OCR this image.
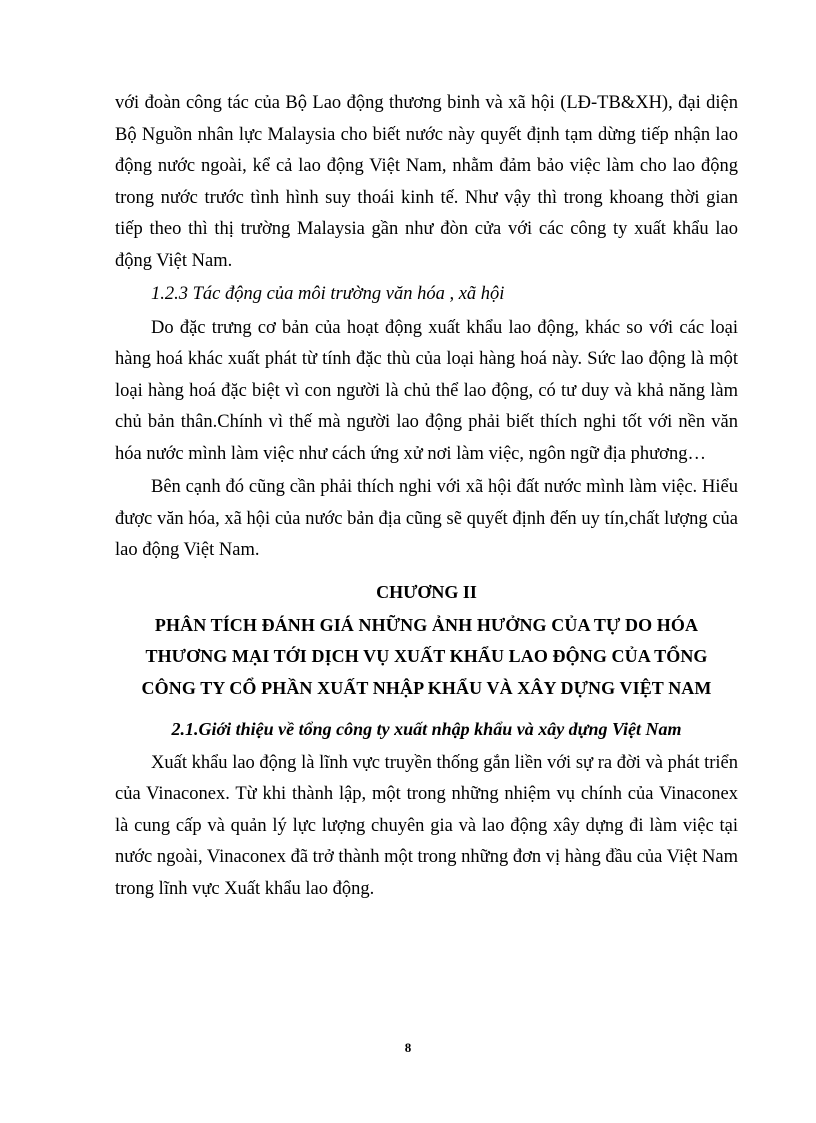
với đoàn công tác của Bộ Lao động thương binh và xã hội (LĐ-TB&XH), đại diện Bộ Nguồn nhân lực Malaysia cho biết nước này quyết định tạm dừng tiếp nhận lao động nước ngoài, kể cả lao động Việt Nam, nhằm đảm bảo việc làm cho lao động trong nước trước tình hình suy thoái kinh tế. Như vậy thì trong khoang thời gian tiếp theo thì thị trường Malaysia gần như đòn cửa với các công ty xuất khẩu lao động Việt Nam.

1.2.3 Tác động của môi trường văn hóa , xã hội

Do đặc trưng cơ bản của hoạt động xuất khẩu lao động, khác so với các loại hàng hoá khác xuất phát từ tính đặc thù của loại hàng hoá này. Sức lao động là một loại hàng hoá đặc biệt vì con người là chủ thể lao động, có tư duy và khả năng làm chủ bản thân.Chính vì thế mà người lao động phải biết thích nghi tốt với nền văn hóa nước mình làm việc như cách ứng xử nơi làm việc, ngôn ngữ địa phương…

Bên cạnh đó cũng cần phải thích nghi với xã hội đất nước mình làm việc. Hiểu được văn hóa, xã hội của nước bản địa cũng sẽ quyết định đến uy tín,chất lượng của lao động Việt Nam.

CHƯƠNG II

PHÂN TÍCH ĐÁNH GIÁ NHỮNG ẢNH HƯỞNG CỦA TỰ DO HÓA

THƯƠNG MẠI TỚI DỊCH VỤ XUẤT KHẨU LAO ĐỘNG CỦA TỔNG

CÔNG TY CỔ PHẦN XUẤT NHẬP KHẨU VÀ XÂY DỰNG VIỆT NAM

2.1.Giới thiệu về tổng công ty xuất nhập khẩu và xây dựng Việt Nam

Xuất khẩu lao động là lĩnh vực truyền thống gắn liền với sự ra đời và phát triển của Vinaconex. Từ khi thành lập, một trong những nhiệm vụ chính của Vinaconex là cung cấp và quản lý lực lượng chuyên gia và lao động xây dựng đi làm việc tại nước ngoài, Vinaconex đã trở thành một trong những đơn vị hàng đầu của Việt Nam trong lĩnh vực Xuất khẩu lao động.

8
